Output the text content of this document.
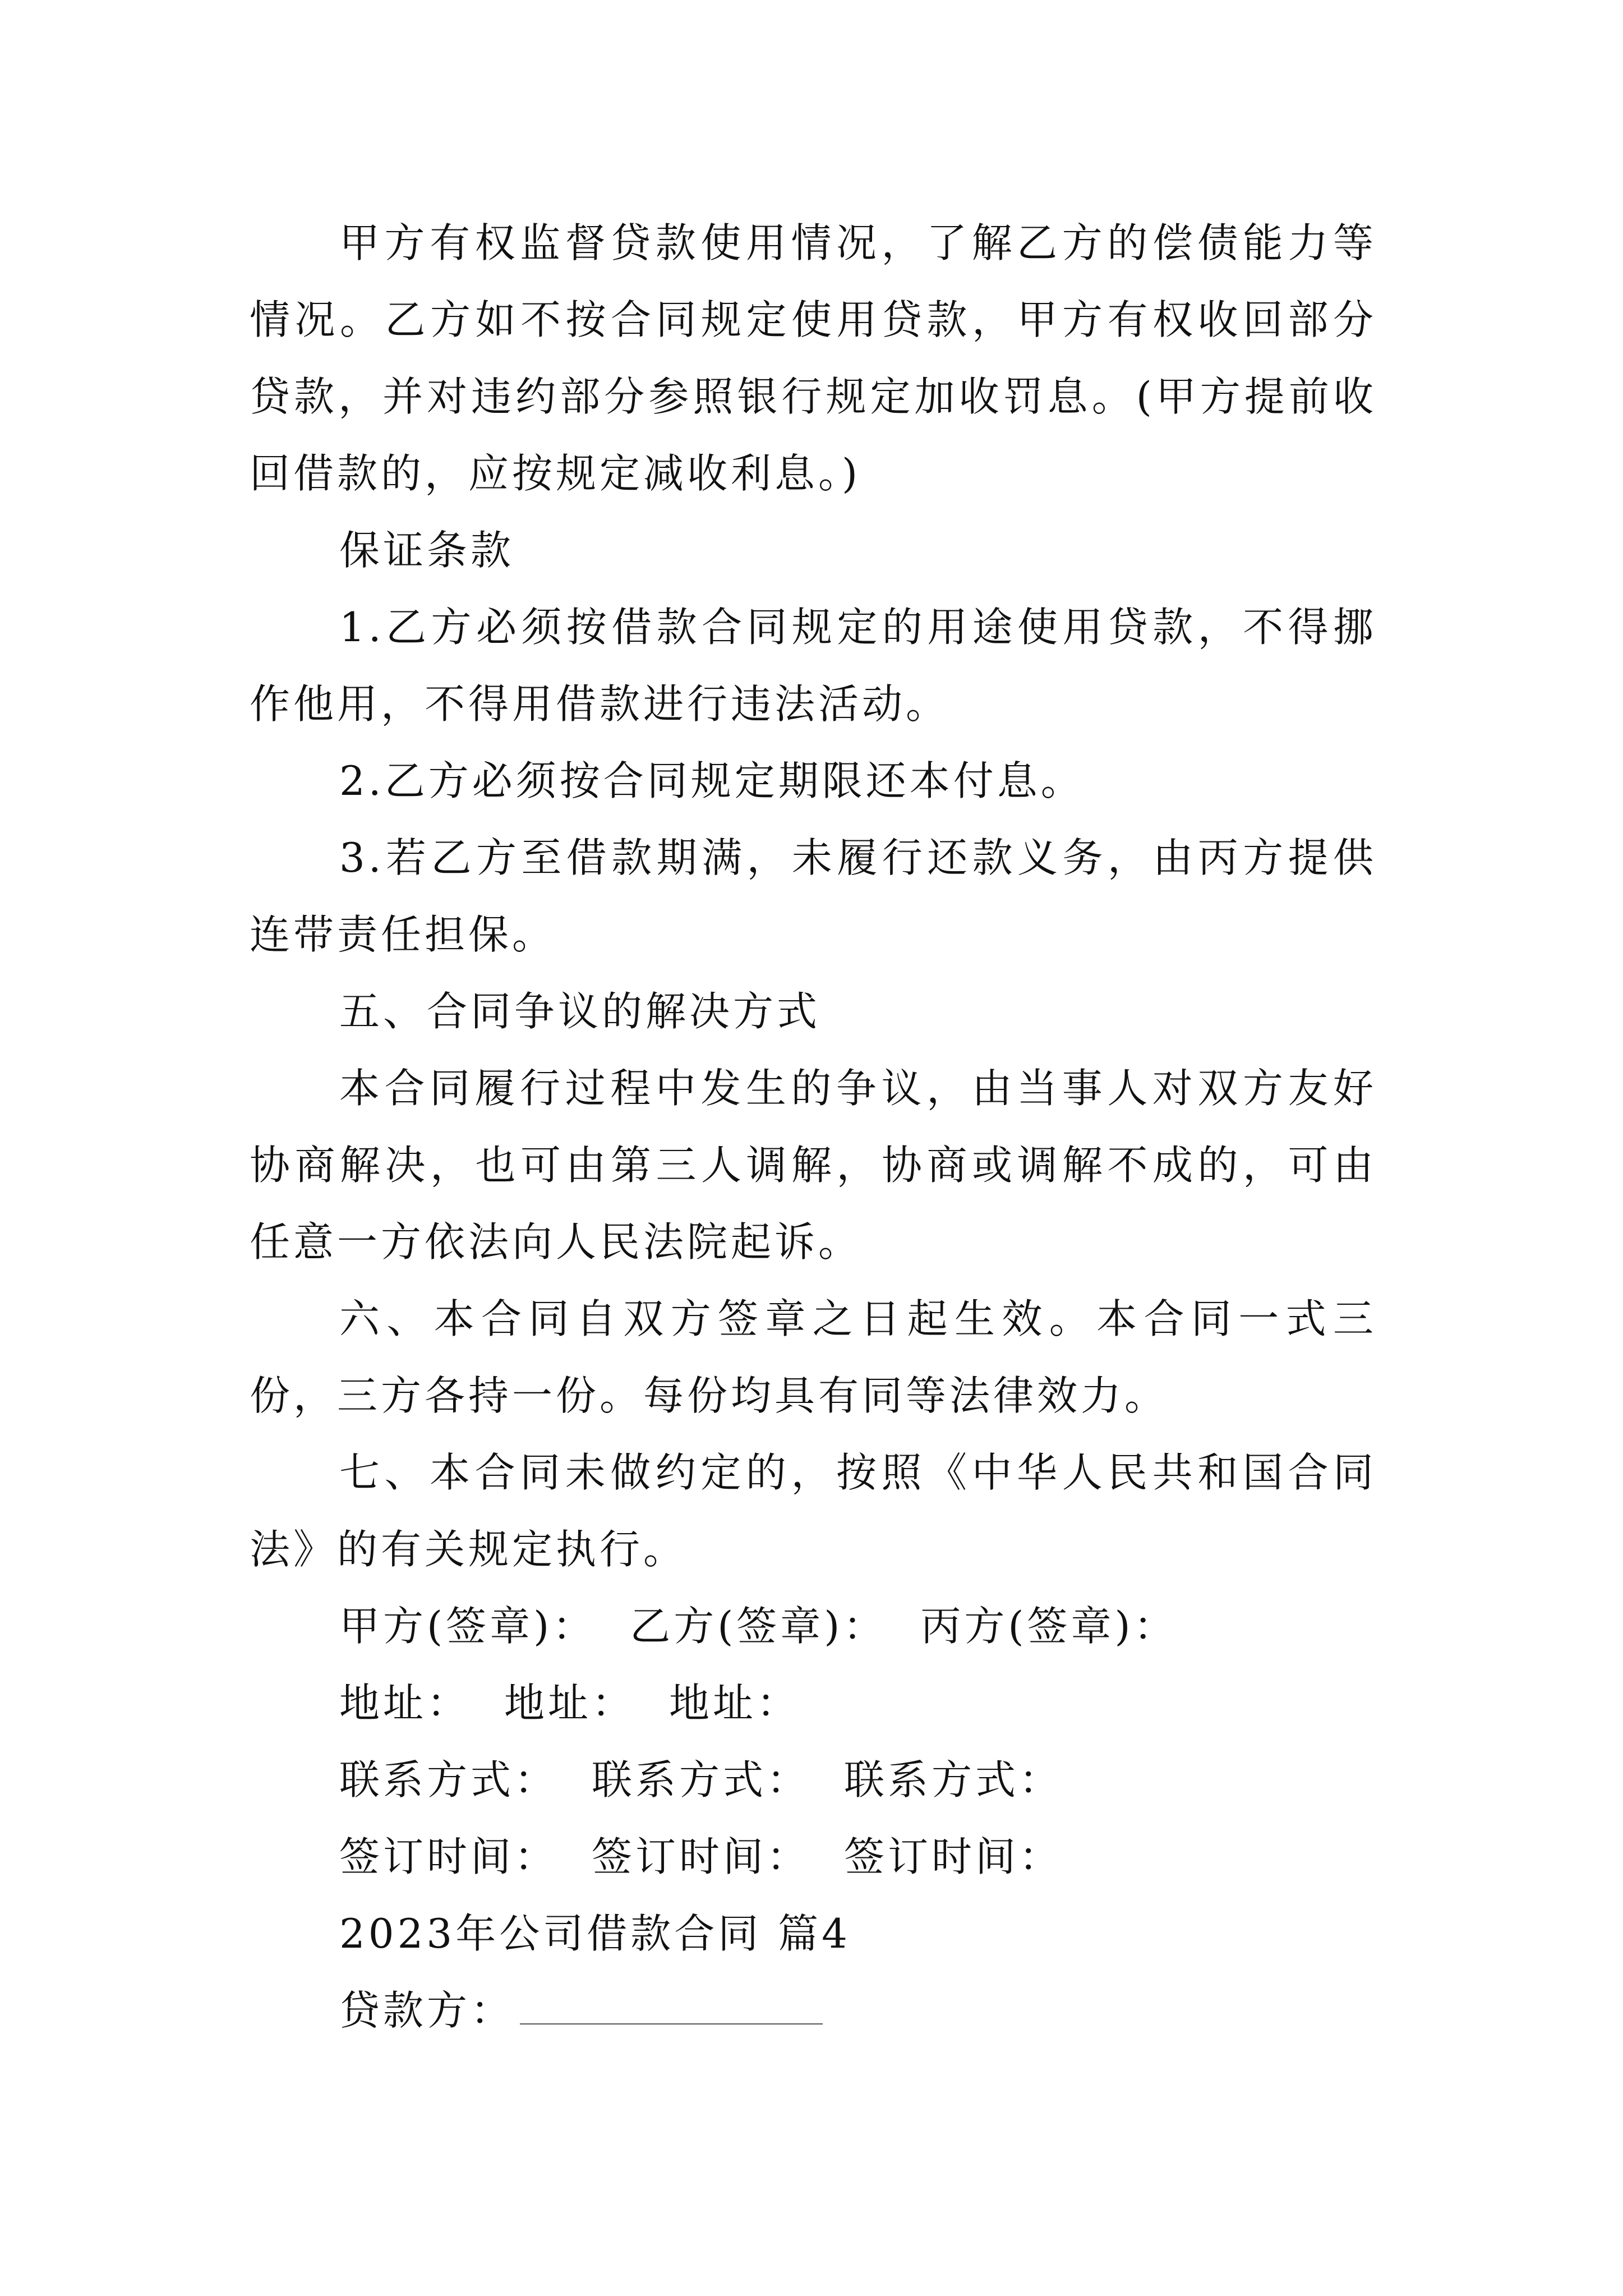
甲方有权监督贷款使用情况，了解乙方的偿债能力等情况。乙方如不按合同规定使用贷款，甲方有权收回部分贷款，并对违约部分参照银行规定加收罚息。(甲方提前收回借款的，应按规定减收利息。)

保证条款

1.乙方必须按借款合同规定的用途使用贷款，不得挪作他用，不得用借款进行违法活动。

2.乙方必须按合同规定期限还本付息。

3.若乙方至借款期满，未履行还款义务，由丙方提供连带责任担保。

五、合同争议的解决方式

本合同履行过程中发生的争议，由当事人对双方友好协商解决，也可由第三人调解，协商或调解不成的，可由任意一方依法向人民法院起诉。

六、本合同自双方签章之日起生效。本合同一式三份，三方各持一份。每份均具有同等法律效力。

七、本合同未做约定的，按照《中华人民共和国合同法》的有关规定执行。

甲方(签章)： 乙方(签章)： 丙方(签章)：

地址： 地址： 地址：

联系方式： 联系方式： 联系方式：

签订时间： 签订时间： 签订时间：

2023年公司借款合同 篇4

贷款方：
